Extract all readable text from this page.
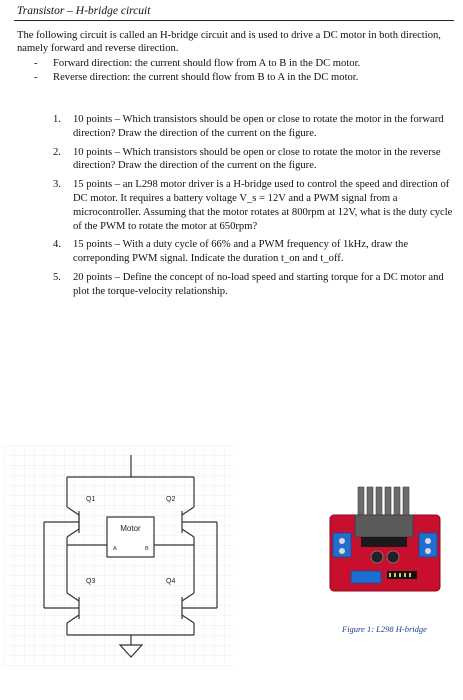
Transistor – H-bridge circuit
The following circuit is called an H-bridge circuit and is used to drive a DC motor in both direction, namely forward and reverse direction.
- Forward direction: the current should flow from A to B in the DC motor.
- Reverse direction: the current should flow from B to A in the DC motor.
1. 10 points – Which transistors should be open or close to rotate the motor in the forward direction? Draw the direction of the current on the figure.
2. 10 points – Which transistors should be open or close to rotate the motor in the reverse direction? Draw the direction of the current on the figure.
3. 15 points – an L298 motor driver is a H-bridge used to control the speed and direction of DC motor. It requires a battery voltage V_s = 12V and a PWM signal from a microcontroller. Assuming that the motor rotates at 800rpm at 12V, what is the duty cycle of the PWM to rotate the motor at 650rpm?
4. 15 points – With a duty cycle of 66% and a PWM frequency of 1kHz, draw the correponding PWM signal. Indicate the duration t_on and t_off.
5. 20 points – Define the concept of no-load speed and starting torque for a DC motor and plot the torque-velocity relationship.
Motor
A	B
Q1	Q2
Q3	Q4
Figure 1: L298 H-bridge
